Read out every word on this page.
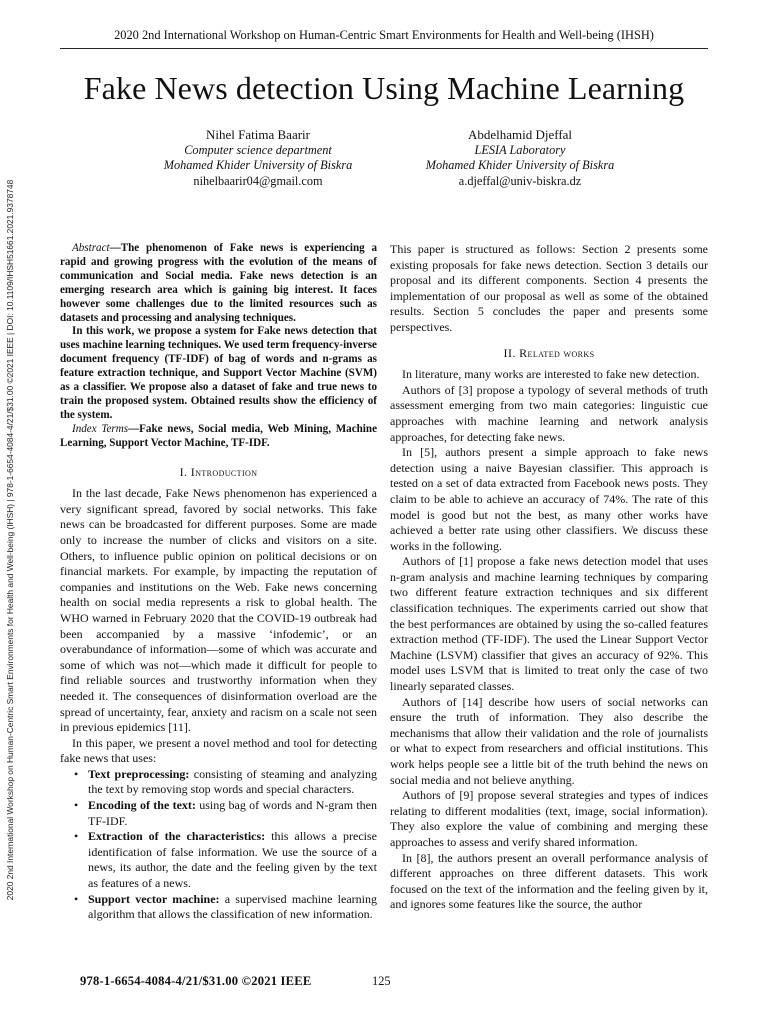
2020 2nd International Workshop on Human-Centric Smart Environments for Health and Well-being (IHSH)
2020 2nd International Workshop on Human-Centric Smart Environments for Health and Well-being (IHSH) | 978-1-6654-4084-4/21/$31.00 ©2021 IEEE | DOI: 10.1109/IHSH51661.2021.9378748
Fake News detection Using Machine Learning
Nihel Fatima Baarir
Computer science department
Mohamed Khider University of Biskra
nihelbaarir04@gmail.com
Abdelhamid Djeffal
LESIA Laboratory
Mohamed Khider University of Biskra
a.djeffal@univ-biskra.dz

Abstract—The phenomenon of Fake news is experiencing a rapid and growing progress with the evolution of the means of communication and Social media. Fake news detection is an emerging research area which is gaining big interest. It faces however some challenges due to the limited resources such as datasets and processing and analysing techniques.

In this work, we propose a system for Fake news detection that uses machine learning techniques. We used term frequency-inverse document frequency (TF-IDF) of bag of words and n-grams as feature extraction technique, and Support Vector Machine (SVM) as a classifier. We propose also a dataset of fake and true news to train the proposed system. Obtained results show the efficiency of the system.

Index Terms—Fake news, Social media, Web Mining, Machine Learning, Support Vector Machine, TF-IDF.

I. Introduction

In the last decade, Fake News phenomenon has experienced a very significant spread, favored by social networks. This fake news can be broadcasted for different purposes. Some are made only to increase the number of clicks and visitors on a site. Others, to influence public opinion on political decisions or on financial markets. For example, by impacting the reputation of companies and institutions on the Web. Fake news concerning health on social media represents a risk to global health. The WHO warned in February 2020 that the COVID-19 outbreak had been accompanied by a massive ‘infodemic’, or an overabundance of information—some of which was accurate and some of which was not—which made it difficult for people to find reliable sources and trustworthy information when they needed it. The consequences of disinformation overload are the spread of uncertainty, fear, anxiety and racism on a scale not seen in previous epidemics [11].

In this paper, we present a novel method and tool for detecting fake news that uses:

• Text preprocessing: consisting of steaming and analyzing the text by removing stop words and special characters.
• Encoding of the text: using bag of words and N-gram then TF-IDF.
• Extraction of the characteristics: this allows a precise identification of false information. We use the source of a news, its author, the date and the feeling given by the text as features of a news.
• Support vector machine: a supervised machine learning algorithm that allows the classification of new information.

This paper is structured as follows: Section 2 presents some existing proposals for fake news detection. Section 3 details our proposal and its different components. Section 4 presents the implementation of our proposal as well as some of the obtained results. Section 5 concludes the paper and presents some perspectives.

II. Related works

In literature, many works are interested to fake new detection.

Authors of [3] propose a typology of several methods of truth assessment emerging from two main categories: linguistic cue approaches with machine learning and network analysis approaches, for detecting fake news.

In [5], authors present a simple approach to fake news detection using a naive Bayesian classifier. This approach is tested on a set of data extracted from Facebook news posts. They claim to be able to achieve an accuracy of 74%. The rate of this model is good but not the best, as many other works have achieved a better rate using other classifiers. We discuss these works in the following.

Authors of [1] propose a fake news detection model that uses n-gram analysis and machine learning techniques by comparing two different feature extraction techniques and six different classification techniques. The experiments carried out show that the best performances are obtained by using the so-called features extraction method (TF-IDF). The used the Linear Support Vector Machine (LSVM) classifier that gives an accuracy of 92%. This model uses LSVM that is limited to treat only the case of two linearly separated classes.

Authors of [14] describe how users of social networks can ensure the truth of information. They also describe the mechanisms that allow their validation and the role of journalists or what to expect from researchers and official institutions. This work helps people see a little bit of the truth behind the news on social media and not believe anything.

Authors of [9] propose several strategies and types of indices relating to different modalities (text, image, social information). They also explore the value of combining and merging these approaches to assess and verify shared information.

In [8], the authors present an overall performance analysis of different approaches on three different datasets. This work focused on the text of the information and the feeling given by it, and ignores some features like the source, the author

978-1-6654-4084-4/21/$31.00 ©2021 IEEE	125
